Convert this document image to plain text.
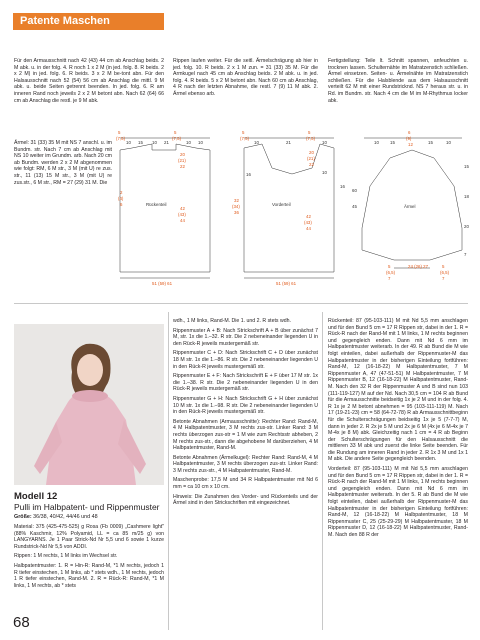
Patente Maschen

Für den Armausschnitt nach 42 (43) 44 cm ab Anschlag beids. 2 M abk. u. in der folg. 4. R noch 1 x 2 M (in jed. folg. 8. R beids. 2 x 2 M) in jed. folg. 6. R beids. 3 x 2 M be-tont abn. Für den Halsausschnitt nach 52 (54) 56 cm ab Anschlag die mittl. 9 M abk. u. beide Seiten getrennt beenden. In jed. folg. 6. R am inneren Rand noch jeweils 2 x 2 M betont abn. Nach 62 (64) 66 cm ab Anschlag die restl. je 9 M abk.

Ärmel: 31 (33) 35 M mit NS 7 anschl. u. im Bundm. str. Nach 7 cm ab Anschlag mit NS 10 weiter im Grundm. arb. Nach 20 cm ab Bundm. werden 2 x 2 M abgenommen wie folgt: RM, 6 M str., 3 M (mit U) re zus. str., 11 (13) 15 M str., 3 M (mit U) re zus.str., 6 M str., RM = 27 (29) 31 M. Die

Rippen laufen weiter. Für die seitl. Ärmelschrägung ab hier in jed. folg. 10. R beids. 2 x 1 M zun. = 31 (33) 35 M. Für die Armkugel nach 45 cm ab Anschlag beids. 2 M abk. u. in jed. folg. 4. R beids. 5 x 2 M betont abn. Nach 60 cm ab Anschlag, 4 R nach der letzten Abnahme, die restl. 7 (9) 11 M abk. 2. Ärmel ebenso arb.

Fertigstellung: Teile lt. Schnitt spannen, anfeuchten u. trocknen lassen. Schulternähte im Matratzenstich schließen. Ärmel einsetzen. Seiten- u. Ärmelnähte im Matratzenstich schließen. Für die Halsblende aus dem Halsausschnitt verteilt 62 M mit einer Rundstricknd. NS 7 heraus str. u. in Rd. im Bundm. str. Nach 4 cm die M im M-Rhythmus locker abk.

5
(7,5)
5
(7,5)
2
(4)
6
42
(43)
44
20
(21)
22
51 (59) 61
5
(7,5)
5
(7,5)
32
(34)
36
20
(21)
22
42
(43)
44
51 (59) 61
6
(9)
12
5
(6,5)
7
24 (26) 27	5
(6,5)
7
10 15 10 21	10 10
Rückenteil
10	21	10
10
16
16
Vorderteil
10	15	15	10
15
45
60
18
20
7
Ärmel
Modell 12
Pulli im Halbpatent- und Rippenmuster
Größe: 36/38, 40/42, 44/46 und 48

Material: 375 (425-475-525) g Rosa (Fb 0009) „Cashmere light" (88% Kaschmir, 12% Polyamid, LL = ca 85 m/25 g) von LANGYARNS. Je 1 Paar Strick-Nd Nr 5,5 und 6 sowie 1 kurze Rundstrick-Nd Nr 5,5 von ADDI.

Rippen: 1 M rechts, 1 M links im Wechsel str.

Halbpatentmuster: 1. R = Hin-R: Rand-M, *1 M rechts, jedoch 1 R tiefer einstechen, 1 M links, ab * stets wdh., 1 M rechts, jedoch 1 R tiefer einstechen, Rand-M. 2. R = Rück-R: Rand-M, *1 M links, 1 M rechts, ab * stets

wdh., 1 M links, Rand-M. Die 1. und 2. R stets wdh.

Rippenmuster A + B: Nach Strickschrift A + B über zunächst 7 M, str. 1x die 1.–32. R str. Die 2 nebeneinander liegenden U in den Rück-R jeweils mustergemäß str.

Rippenmuster C + D: Nach Strickschrift C + D über zunächst 18 M str. 1x die 1.–86. R str. Die 2 nebeneinander liegenden U in den Rück-R jeweils mustergemäß str.

Rippenmuster E + F: Nach Strickschrift E + F über 17 M str. 1x die 1.–38. R str. Die 2 nebeneinander liegenden U in den Rück-R jeweils mustergemäß str.

Rippenmuster G + H: Nach Strickschrift G + H über zunächst 10 M str. 1x die 1.–98. R str. Die 2 nebeneinander liegenden U in den Rück-R jeweils mustergemäß str.

Betonte Abnahmen (Armausschnitte): Rechter Rand: Rand-M, 4 M Halbpatentmuster, 3 M rechts zus-str. Linker Rand: 3 M rechts überzogen zus-str = 1 M wie zum Rechtsstr abheben, 2 M rechts zus-str., dann die abgehobene M darüberziehen, 4 M Halbpatentmuster, Rand-M.

Betonte Abnahmen (Ärmelkugel): Rechter Rand: Rand-M, 4 M Halbpatentmuster, 3 M rechts überzogen zus-str. Linker Rand: 3 M rechts zus-str., 4 M Halbpatentmuster, Rand-M.

Maschenprobe: 17,5 M und 34 R Halbpatentmuster mit Nd 6 mm = ca 10 cm x 10 cm.

Hinweis: Die Zunahmen des Vorder- und Rückenteils und der Ärmel sind in den Strickschriften mit eingezeichnet.

Rückenteil: 87 (95-103-111) M mit Nd 5,5 mm anschlagen und für den Bund 5 cm = 17 R Rippen str, dabei in der 1. R = Rück-R nach der Rand-M mit 1 M links, 1 M rechts beginnen und gegengleich enden. Dann mit Nd 6 mm im Halbpatentmuster weiterarb. In der 49. R ab Bund die M wie folgt einteilen, dabei außerhalb der Rippenmuster-M das Halbpatentmuster in der bisherigen Einteilung fortführen: Rand-M, 12 (16-18-22) M Halbpatentmuster, 7 M Rippenmuster A, 47 (47-51-51) M Halbpatentmuster, 7 M Rippenmuster B, 12 (16-18-22) M Halbpatentmuster, Rand-M. Nach den 32 R der Rippenmuster A und B sind nun 103 (111-119-127) M auf der Nd. Nach 30,5 cm = 104 R ab Bund für die Armausschnitte beidseitig 1x je 2 M und in der folg. 4. R 1x je 2 M betont abnehmen = 95 (103-111-119) M. Nach 17 (19-21-23) cm = 58 (64-72-78) R ab Armausschnittbeginn für die Schulterschrägungen beidseitig 1x je 5 (7-7-7) M, dann in jeder 2. R 2x je 5 M und 2x je 6 M (4x je 6 M-4x je 7 M-4x je 8 M) abk. Gleichzeitig nach 1 cm = 4 R ab Beginn der Schulterschrägungen für den Halsausschnitt die mittleren 33 M abk und zuerst die linke Seite beenden. Für die Rundung am inneren Rand in jeder 2. R 1x 3 M und 1x 1 M abk. Die andere Seite gegengleich beenden.

Vorderteil: 87 (95-103-111) M mit Nd 5,5 mm anschlagen und für den Bund 5 cm = 17 R Rippen str, dabei in der 1. R = Rück-R nach der Rand-M mit 1 M links, 1 M rechts beginnen und gegengleich enden. Dann mit Nd 6 mm im Halbpatentmuster weiterarb. In der 5. R ab Bund die M wie folgt einteilen, dabei außerhalb der Rippenmuster-M das Halbpatentmuster in der bisherigen Einteilung fortführen: Rand-M, 12 (16-18-22) M Halbpatentmuster, 18 M Rippenmuster C, 25 (25-29-29) M Halbpatentmuster, 18 M Rippenmuster D, 12 (16-18-22) M Halbpatentmuster, Rand-M. Nach den 88 R der

68
